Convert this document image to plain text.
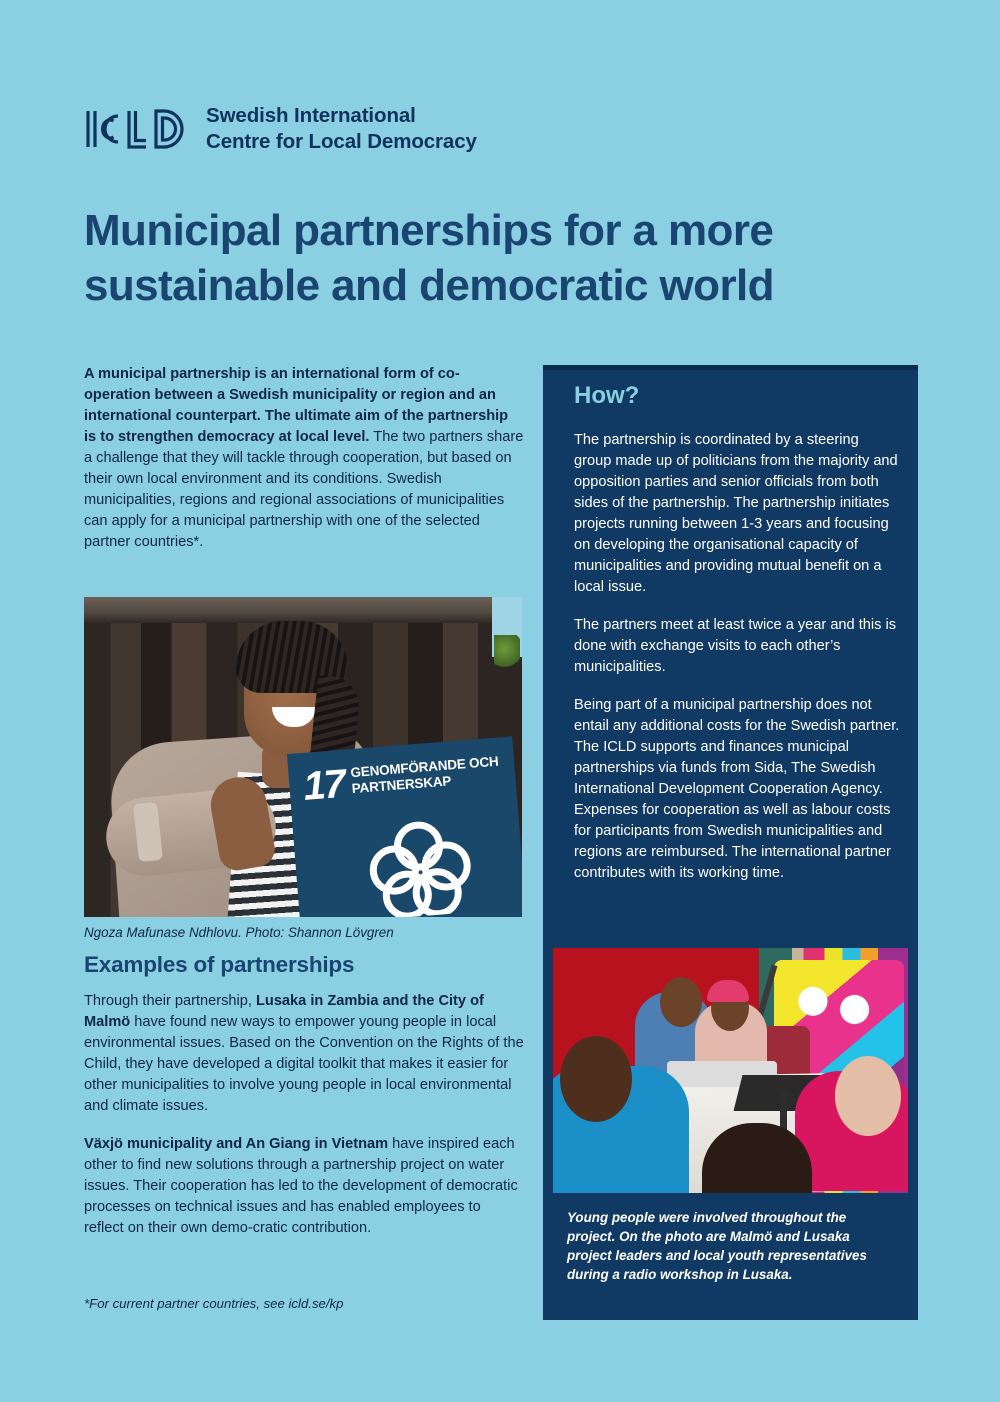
Swedish International
Centre for Local Democracy
Municipal partnerships for a more sustainable and democratic world

A municipal partnership is an international form of co-operation between a Swedish municipality or region and an international counterpart. The ultimate aim of the partnership is to strengthen democracy at local level. The two partners share a challenge that they will tackle through cooperation, but based on their own local environment and its conditions. Swedish municipalities, regions and regional associations of municipalities can apply for a municipal partnership with one of the selected partner countries*.

17 GENOMFÖRANDE OCH PARTNERSKAP
Ngoza Mafunase Ndhlovu. Photo: Shannon Lövgren
Examples of partnerships

Through their partnership, Lusaka in Zambia and the City of Malmö have found new ways to empower young people in local environmental issues. Based on the Convention on the Rights of the Child, they have developed a digital toolkit that makes it easier for other municipalities to involve young people in local environmental and climate issues.

Växjö municipality and An Giang in Vietnam have inspired each other to find new solutions through a partnership project on water issues. Their cooperation has led to the development of democratic processes on technical issues and has enabled employees to reflect on their own demo-cratic contribution.

*For current partner countries, see icld.se/kp
How?

The partnership is coordinated by a steering group made up of politicians from the majority and opposition parties and senior officials from both sides of the partnership. The partnership initiates projects running between 1-3 years and focusing on developing the organisational capacity of municipalities and providing mutual benefit on a local issue.

The partners meet at least twice a year and this is done with exchange visits to each other’s municipalities.

Being part of a municipal partnership does not entail any additional costs for the Swedish partner. The ICLD supports and finances municipal partnerships via funds from Sida, The Swedish International Development Cooperation Agency. Expenses for cooperation as well as labour costs for participants from Swedish municipalities and regions are reimbursed. The international partner contributes with its working time.

Young people were involved throughout the project. On the photo are Malmö and Lusaka project leaders and local youth representatives during a radio workshop in Lusaka.
